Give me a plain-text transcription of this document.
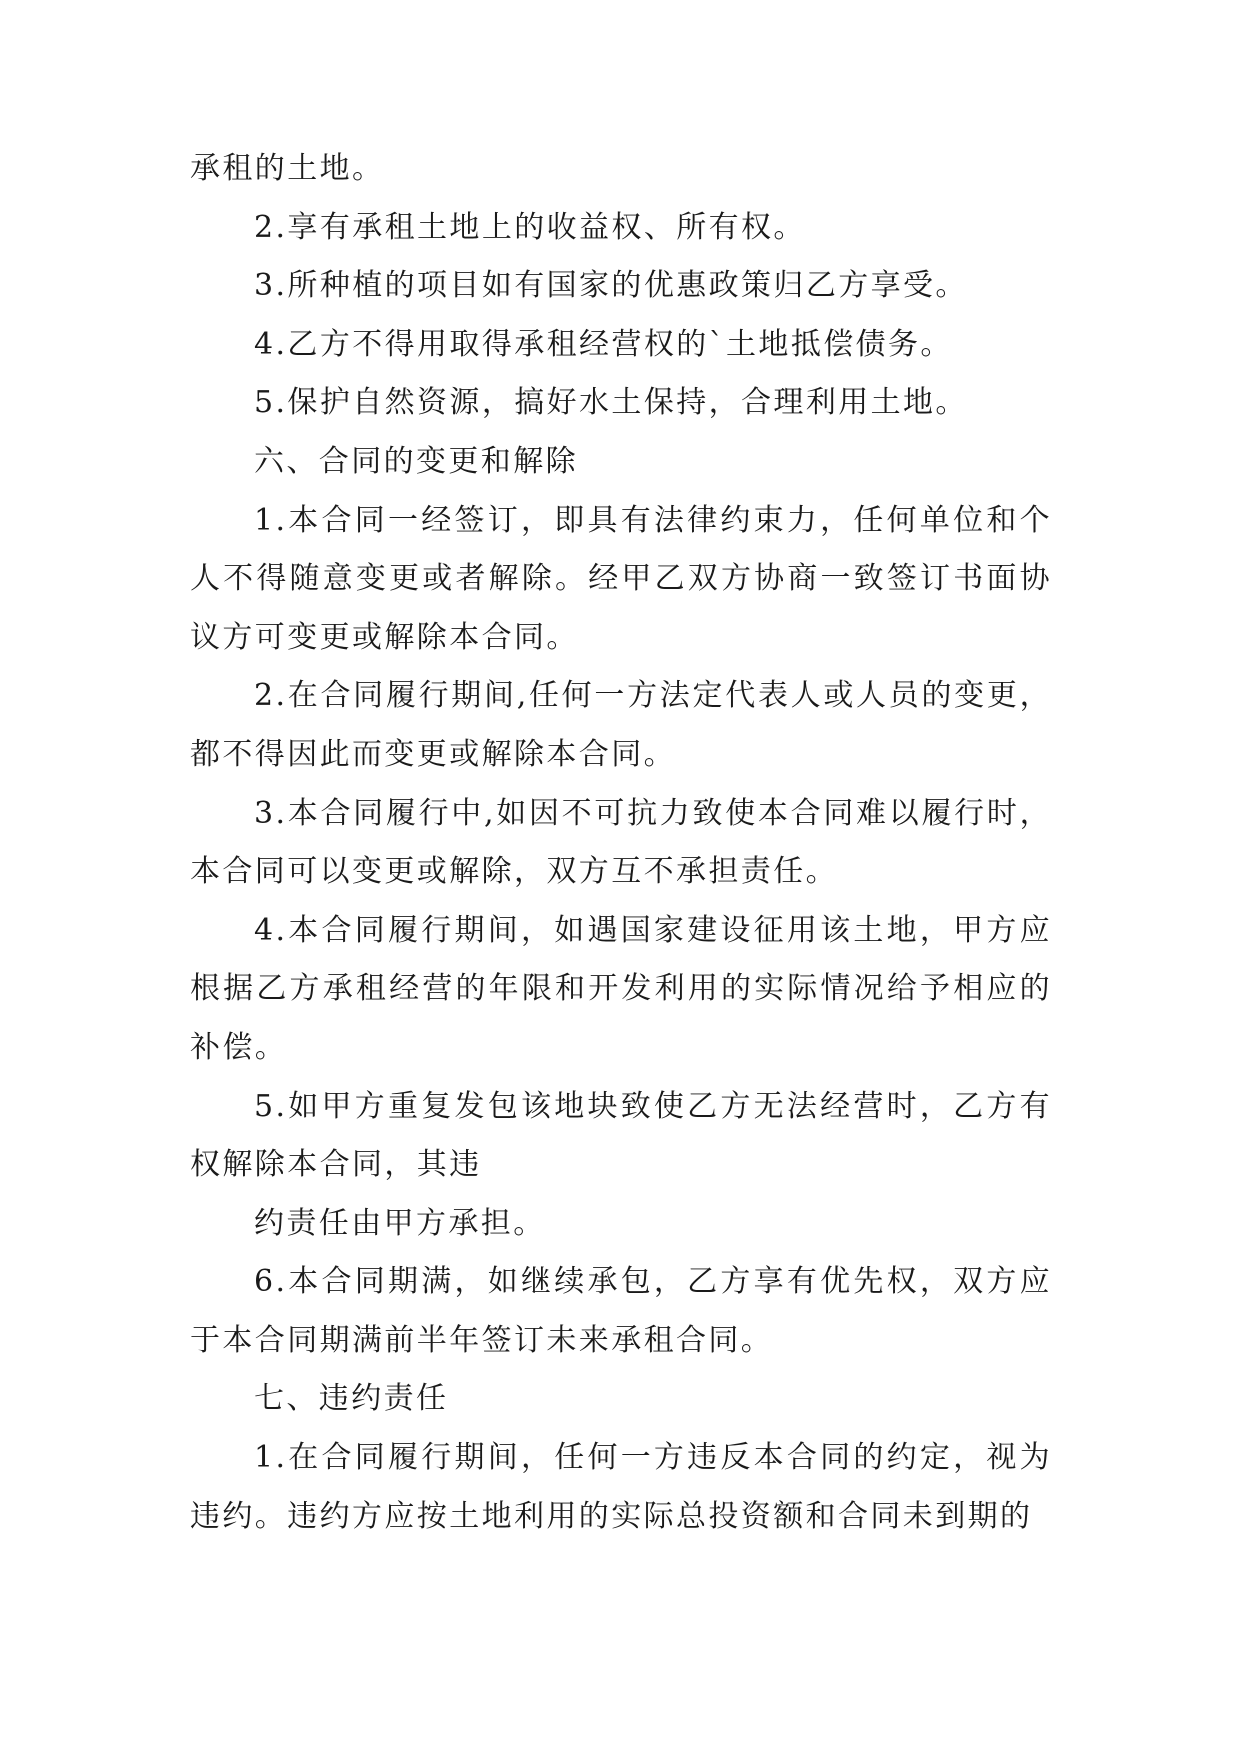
承租的土地。

2.享有承租土地上的收益权、所有权。

3.所种植的项目如有国家的优惠政策归乙方享受。

4.乙方不得用取得承租经营权的`土地抵偿债务。

5.保护自然资源，搞好水土保持，合理利用土地。

六、合同的变更和解除

1.本合同一经签订，即具有法律约束力，任何单位和个人不得随意变更或者解除。经甲乙双方协商一致签订书面协议方可变更或解除本合同。

2.在合同履行期间,任何一方法定代表人或人员的变更，都不得因此而变更或解除本合同。

3.本合同履行中,如因不可抗力致使本合同难以履行时，本合同可以变更或解除，双方互不承担责任。

4.本合同履行期间，如遇国家建设征用该土地，甲方应根据乙方承租经营的年限和开发利用的实际情况给予相应的补偿。

5.如甲方重复发包该地块致使乙方无法经营时，乙方有权解除本合同，其违

约责任由甲方承担。

6.本合同期满，如继续承包，乙方享有优先权，双方应于本合同期满前半年签订未来承租合同。

七、违约责任

1.在合同履行期间，任何一方违反本合同的约定，视为违约。违约方应按土地利用的实际总投资额和合同未到期的
